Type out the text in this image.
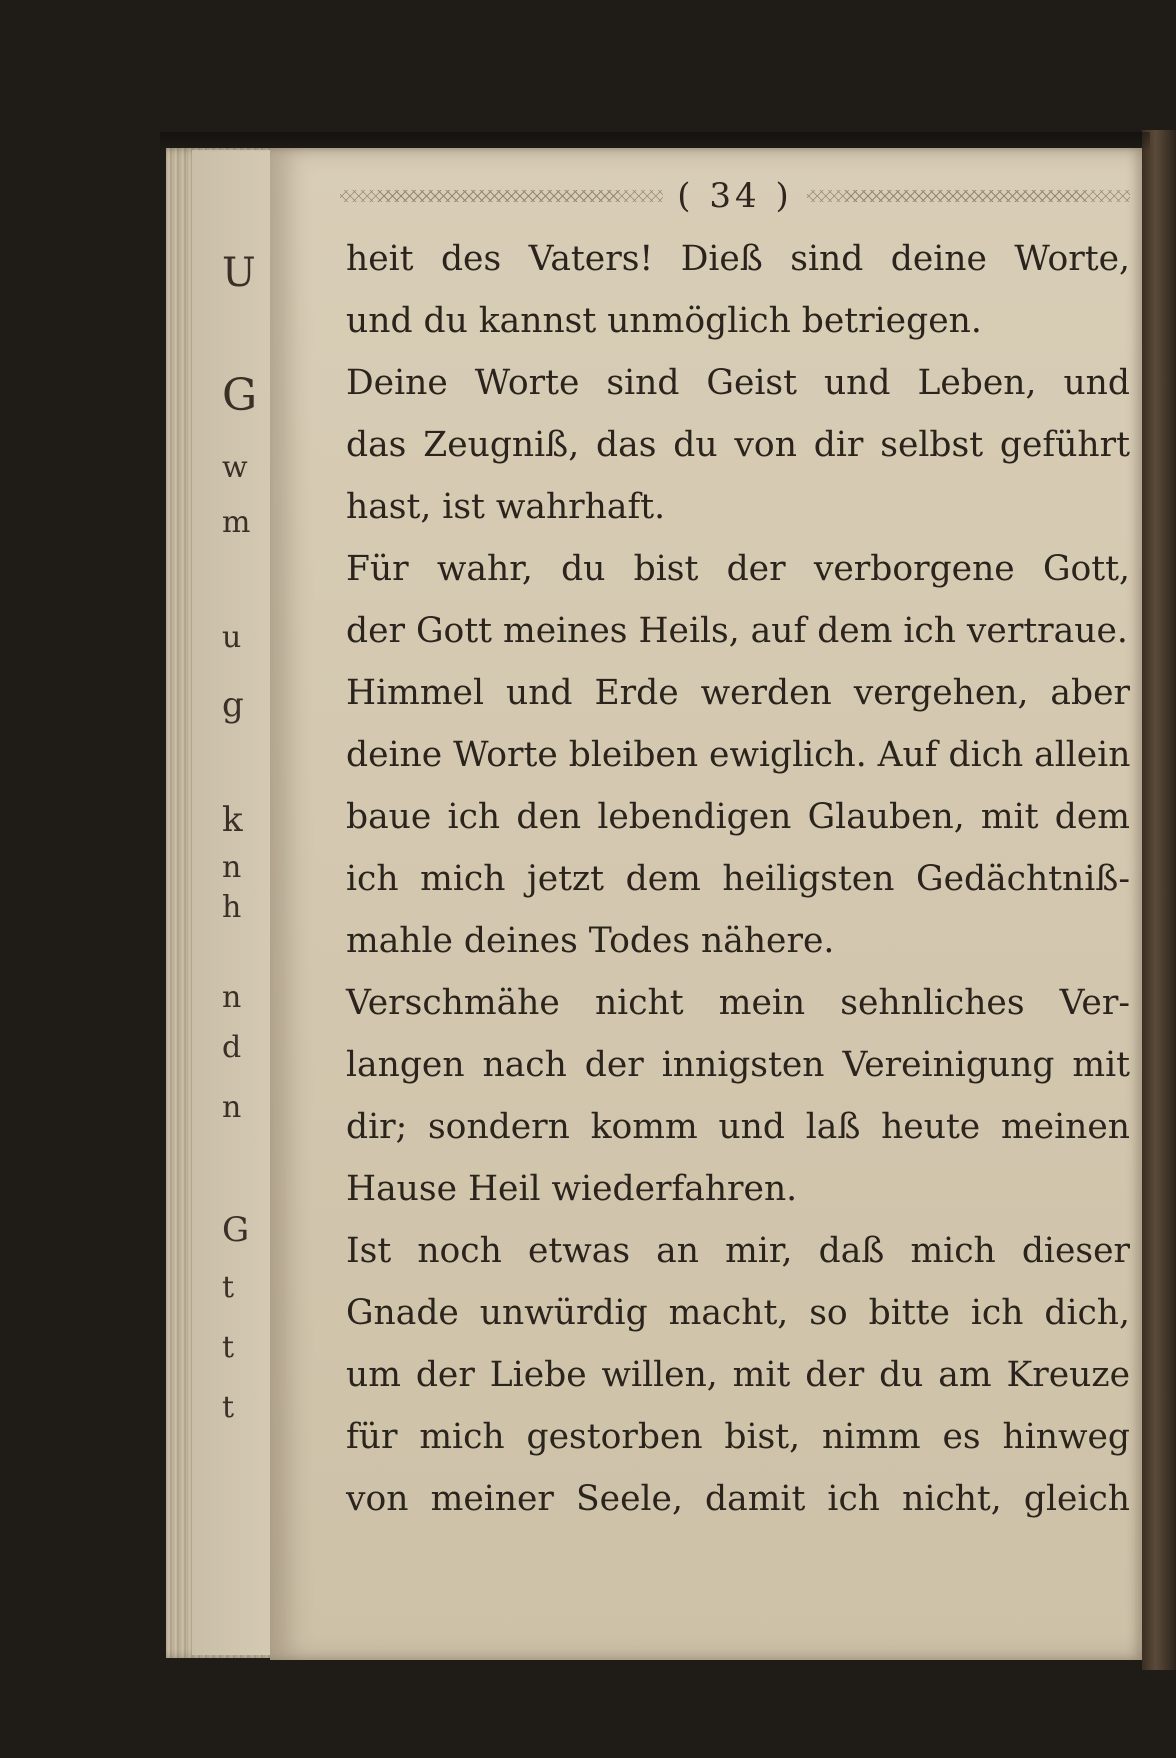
U
G
w
m
u
g
k
n
h
n
d
n
G
t
t
t
( 34 )
heit des Vaters! Dieß sind deine Worte,
und du kannst unmöglich betriegen.
Deine Worte sind Geist und Leben, und
das Zeugniß, das du von dir selbst geführt
hast, ist wahrhaft.
Für wahr, du bist der verborgene Gott,
der Gott meines Heils, auf dem ich vertraue.
Himmel und Erde werden vergehen, aber
deine Worte bleiben ewiglich. Auf dich allein
baue ich den lebendigen Glauben, mit dem
ich mich jetzt dem heiligsten Gedächtniß-
mahle deines Todes nähere.
Verschmähe nicht mein sehnliches Ver-
langen nach der innigsten Vereinigung mit
dir; sondern komm und laß heute meinen
Hause Heil wiederfahren.
Ist noch etwas an mir, daß mich dieser
Gnade unwürdig macht, so bitte ich dich,
um der Liebe willen, mit der du am Kreuze
für mich gestorben bist, nimm es hinweg
von meiner Seele, damit ich nicht, gleich
